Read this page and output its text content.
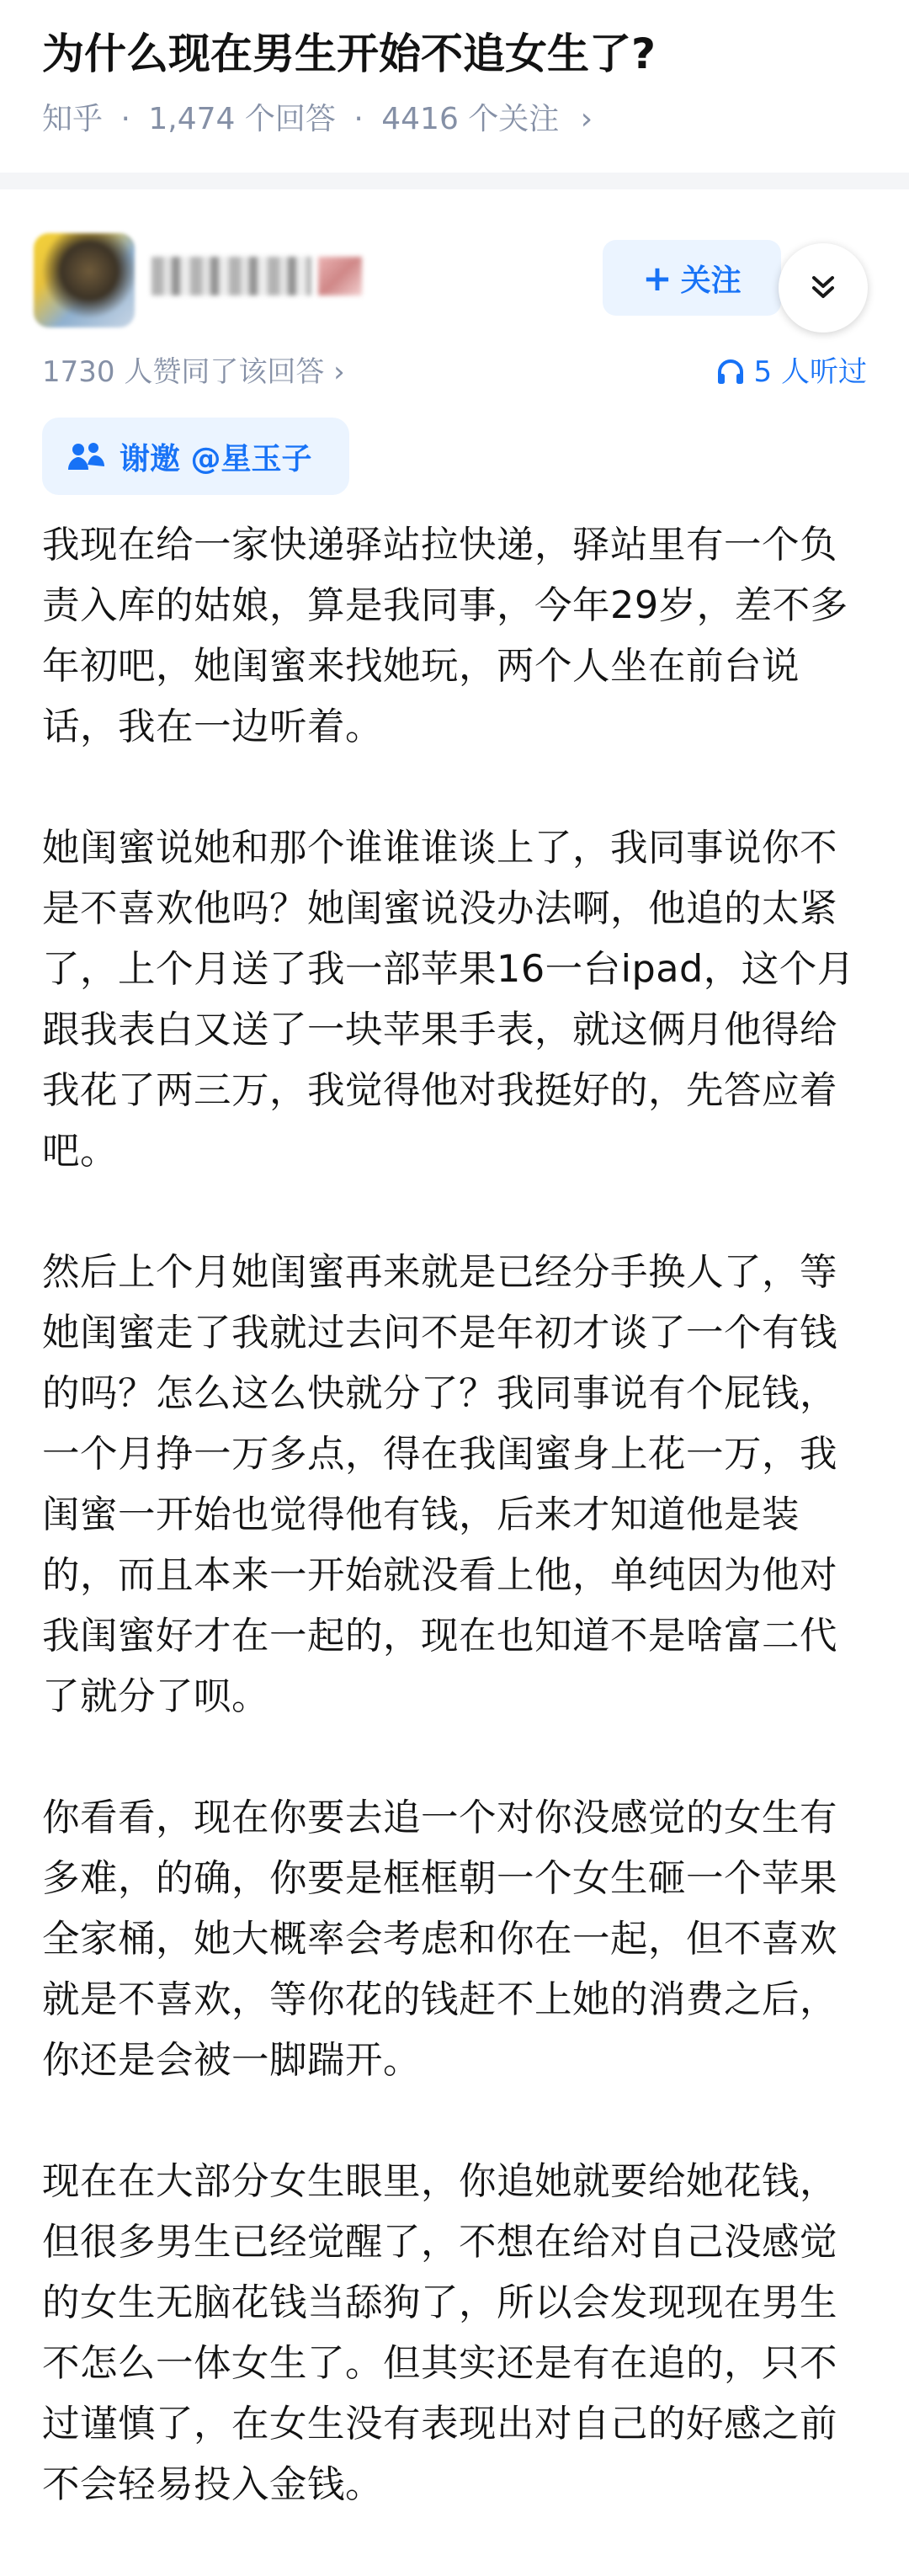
为什么现在男生开始不追女生了?
知乎 · 1,474 个回答 · 4416 个关注 ›
+ 关注
1730 人赞同了该回答 ›	5 人听过
谢邀 @星玉子

我现在给一家快递驿站拉快递，驿站里有一个负责入库的姑娘，算是我同事，今年29岁，差不多年初吧，她闺蜜来找她玩，两个人坐在前台说话，我在一边听着。

她闺蜜说她和那个谁谁谁谈上了，我同事说你不是不喜欢他吗？她闺蜜说没办法啊，他追的太紧了，上个月送了我一部苹果16一台ipad，这个月跟我表白又送了一块苹果手表，就这俩月他得给我花了两三万，我觉得他对我挺好的，先答应着吧。

然后上个月她闺蜜再来就是已经分手换人了，等她闺蜜走了我就过去问不是年初才谈了一个有钱的吗？怎么这么快就分了？我同事说有个屁钱，一个月挣一万多点，得在我闺蜜身上花一万，我闺蜜一开始也觉得他有钱，后来才知道他是装的，而且本来一开始就没看上他，单纯因为他对我闺蜜好才在一起的，现在也知道不是啥富二代了就分了呗。

你看看，现在你要去追一个对你没感觉的女生有多难，的确，你要是框框朝一个女生砸一个苹果全家桶，她大概率会考虑和你在一起，但不喜欢就是不喜欢，等你花的钱赶不上她的消费之后，你还是会被一脚踹开。

现在在大部分女生眼里，你追她就要给她花钱，但很多男生已经觉醒了，不想在给对自己没感觉的女生无脑花钱当舔狗了，所以会发现现在男生不怎么一体女生了。但其实还是有在追的，只不过谨慎了，在女生没有表现出对自己的好感之前不会轻易投入金钱。
